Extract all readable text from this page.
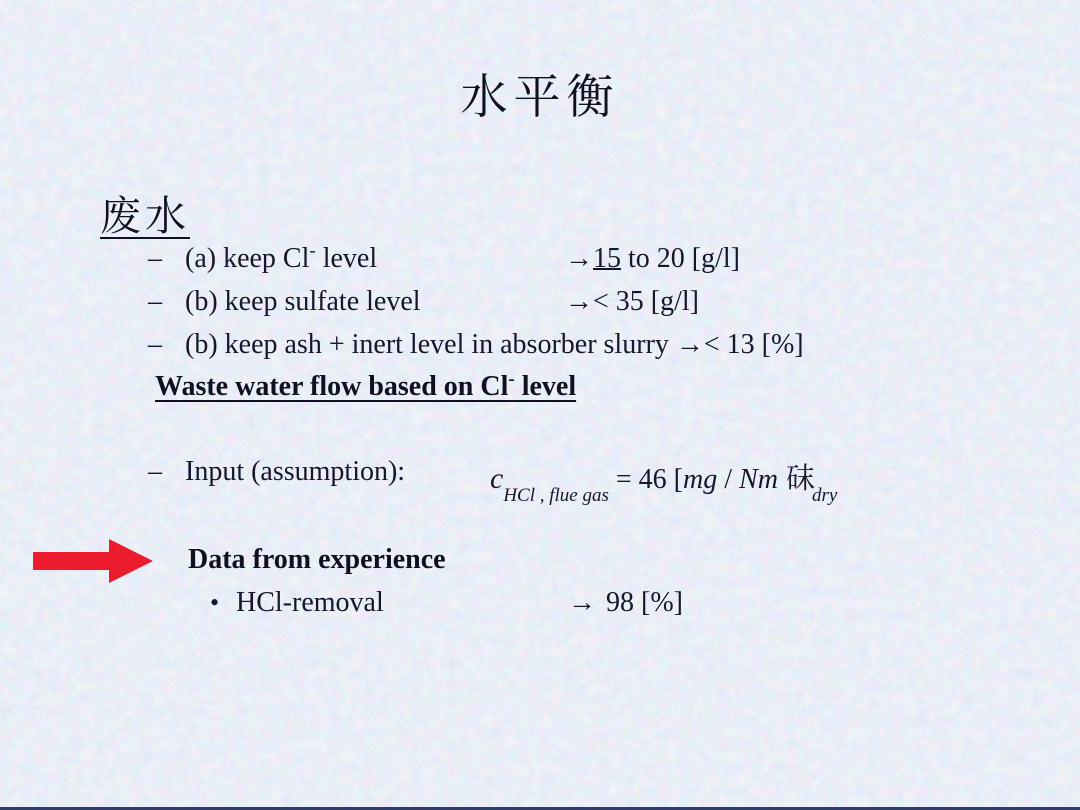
水平衡
废水
– (a) keep Cl- level	→15 to 20 [g/l]
– (b) keep sulfate level	→< 35 [g/l]
– (b) keep ash + inert level in absorber slurry →< 13 [%]
Waste water flow based on Cl- level
– Input (assumption):	$c_{HCl , flue gas} = 46$ [mg / Nm 砞$_{dry}$
Data from experience
• HCl-removal	→ 98 [%]
